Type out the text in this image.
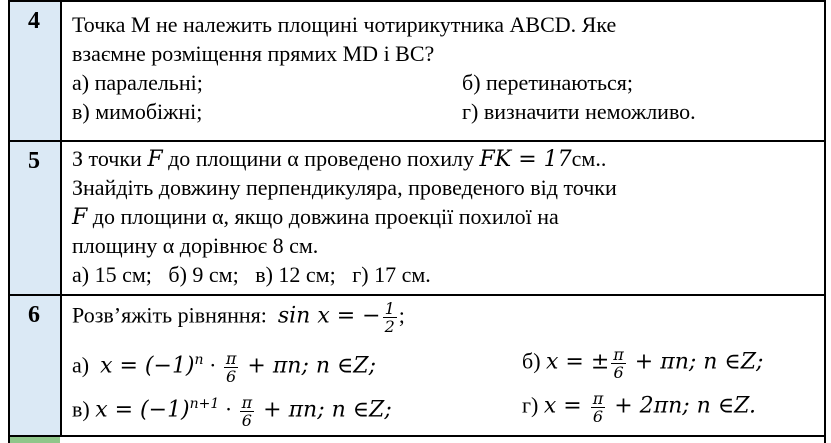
4	Точка M не належить площині чотирикутника ABCD. Яке
взаємне розміщення прямих MD і BC?
а) паралельні;	б) перетинаються;
в) мимобіжні;	г) визначити неможливо.
5	З точки F до площини α проведено похилу FK = 17см..
Знайдіть довжину перпендикуляра, проведеного від точки
F до площини α, якщо довжина проекції похилої на
площину α дорівнює 8 см.
а) 15 см;   б) 9 см;   в) 12 см;   г) 17 см.
6	Розв’яжіть рівняння:  sin x = − $\frac{1}{2}$ ;
а)  $x = (-1)^n \cdot \frac{\pi}{6} + \pi n$; n ∈Z;	б) x = ± $\frac{\pi}{6} + \pi n$; n ∈Z;
в) $x = (-1)^{n+1} \cdot \frac{\pi}{6} + \pi n$; n ∈Z;	г) $x = \frac{\pi}{6} + 2\pi n$; n ∈Z.
